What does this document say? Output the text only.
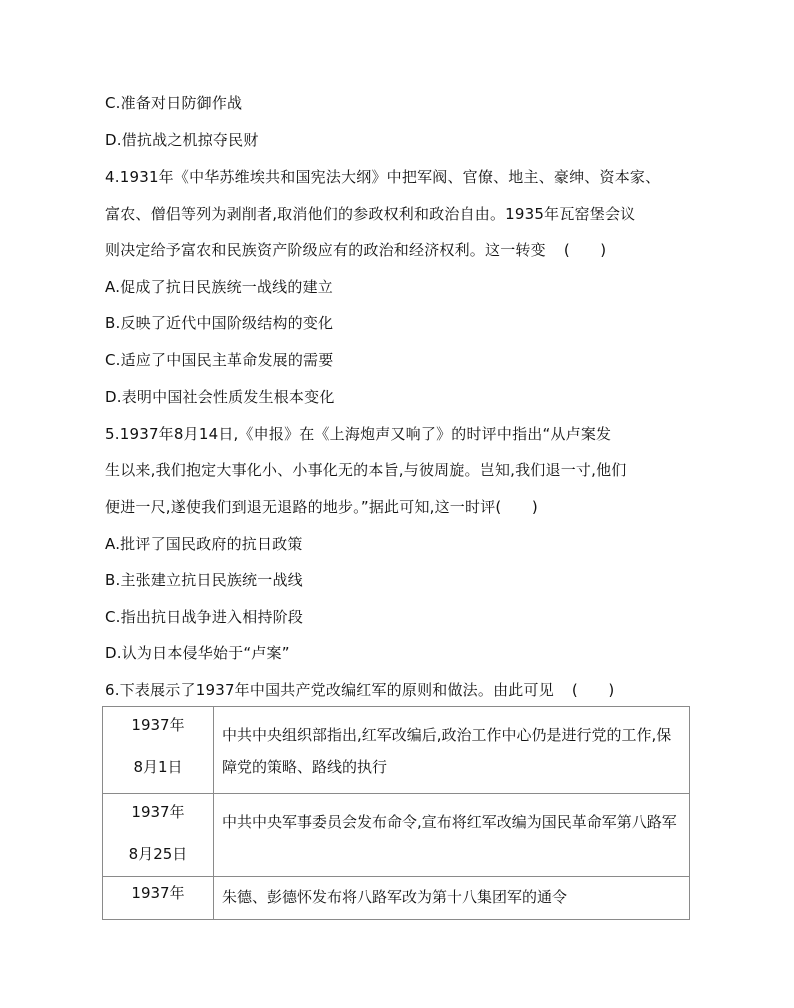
C.准备对日防御作战
D.借抗战之机掠夺民财
4.1931年《中华苏维埃共和国宪法大纲》中把军阀、官僚、地主、豪绅、资本家、
富农、僧侣等列为剥削者,取消他们的参政权利和政治自由。1935年瓦窑堡会议
则决定给予富农和民族资产阶级应有的政治和经济权利。这一转变 (　　)
A.促成了抗日民族统一战线的建立
B.反映了近代中国阶级结构的变化
C.适应了中国民主革命发展的需要
D.表明中国社会性质发生根本变化
5.1937年8月14日,《申报》在《上海炮声又响了》的时评中指出“从卢案发
生以来,我们抱定大事化小、小事化无的本旨,与彼周旋。岂知,我们退一寸,他们
便进一尺,遂使我们到退无退路的地步。”据此可知,这一时评(　　)
A.批评了国民政府的抗日政策
B.主张建立抗日民族统一战线
C.指出抗日战争进入相持阶段
D.认为日本侵华始于“卢案”
6.下表展示了1937年中国共产党改编红军的原则和做法。由此可见 (　　)
1937年
8月1日	中共中央组织部指出,红军改编后,政治工作中心仍是进行党的工作,保障党的策略、路线的执行

1937年
8月25日	中共中央军事委员会发布命令,宣布将红军改编为国民革命军第八路军

1937年	朱德、彭德怀发布将八路军改为第十八集团军的通令
